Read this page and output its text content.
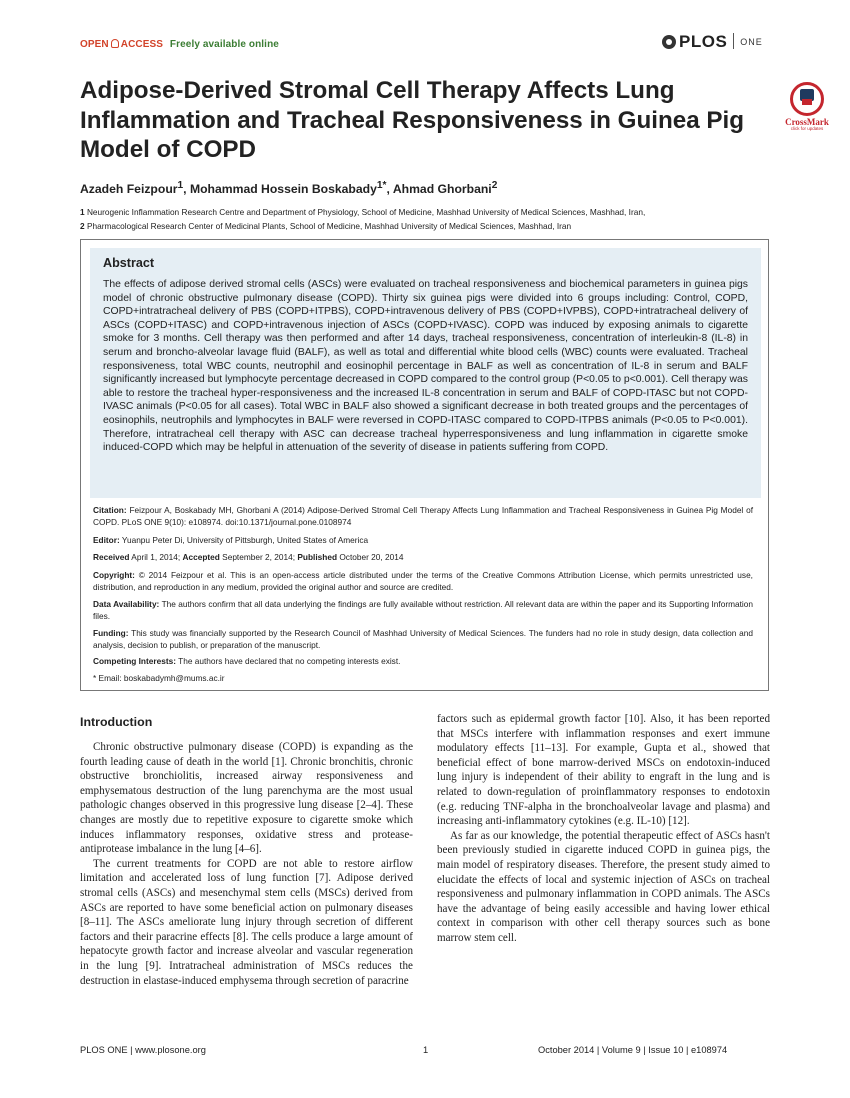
OPEN ACCESS Freely available online	PLOS ONE
CrossMark
click for updates
Adipose-Derived Stromal Cell Therapy Affects Lung Inflammation and Tracheal Responsiveness in Guinea Pig Model of COPD
Azadeh Feizpour$^1$, Mohammad Hossein Boskabady$^{1*}$, Ahmad Ghorbani$^2$
1 Neurogenic Inflammation Research Centre and Department of Physiology, School of Medicine, Mashhad University of Medical Sciences, Mashhad, Iran,
2 Pharmacological Research Center of Medicinal Plants, School of Medicine, Mashhad University of Medical Sciences, Mashhad, Iran
Abstract
The effects of adipose derived stromal cells (ASCs) were evaluated on tracheal responsiveness and biochemical parameters in guinea pigs model of chronic obstructive pulmonary disease (COPD). Thirty six guinea pigs were divided into 6 groups including: Control, COPD, COPD+intratracheal delivery of PBS (COPD+ITPBS), COPD+intravenous delivery of PBS (COPD+IVPBS), COPD+intratracheal delivery of ASCs (COPD+ITASC) and COPD+intravenous injection of ASCs (COPD+IVASC). COPD was induced by exposing animals to cigarette smoke for 3 months. Cell therapy was then performed and after 14 days, tracheal responsiveness, concentration of interleukin-8 (IL-8) in serum and broncho-alveolar lavage fluid (BALF), as well as total and differential white blood cells (WBC) counts were evaluated. Tracheal responsiveness, total WBC counts, neutrophil and eosinophil percentage in BALF as well as concentration of IL-8 in serum and BALF significantly increased but lymphocyte percentage decreased in COPD compared to the control group (P<0.05 to p<0.001). Cell therapy was able to restore the tracheal hyper-responsiveness and the increased IL-8 concentration in serum and BALF of COPD-ITASC but not COPD-IVASC animals (P<0.05 for all cases). Total WBC in BALF also showed a significant decrease in both treated groups and the percentages of eosinophils, neutrophils and lymphocytes in BALF were reversed in COPD-ITASC compared to COPD-ITPBS animals (P<0.05 to P<0.001). Therefore, intratracheal cell therapy with ASC can decrease tracheal hyperresponsiveness and lung inflammation in cigarette smoke induced-COPD which may be helpful in attenuation of the severity of disease in patients suffering from COPD.
Citation: Feizpour A, Boskabady MH, Ghorbani A (2014) Adipose-Derived Stromal Cell Therapy Affects Lung Inflammation and Tracheal Responsiveness in Guinea Pig Model of COPD. PLoS ONE 9(10): e108974. doi:10.1371/journal.pone.0108974
Editor: Yuanpu Peter Di, University of Pittsburgh, United States of America
Received April 1, 2014; Accepted September 2, 2014; Published October 20, 2014
Copyright: © 2014 Feizpour et al. This is an open-access article distributed under the terms of the Creative Commons Attribution License, which permits unrestricted use, distribution, and reproduction in any medium, provided the original author and source are credited.
Data Availability: The authors confirm that all data underlying the findings are fully available without restriction. All relevant data are within the paper and its Supporting Information files.
Funding: This study was financially supported by the Research Council of Mashhad University of Medical Sciences. The funders had no role in study design, data collection and analysis, decision to publish, or preparation of the manuscript.
Competing Interests: The authors have declared that no competing interests exist.
* Email: boskabadymh@mums.ac.ir
Introduction

Chronic obstructive pulmonary disease (COPD) is expanding as the fourth leading cause of death in the world [1]. Chronic bronchitis, chronic obstructive bronchiolitis, increased airway responsiveness and emphysematous destruction of the lung parenchyma are the most usual pathologic changes observed in this progressive lung disease [2–4]. These changes are mostly due to repetitive exposure to cigarette smoke which induces inflammatory responses, oxidative stress and protease-antiprotease imbalance in the lung [4–6].

The current treatments for COPD are not able to restore airflow limitation and accelerated loss of lung function [7]. Adipose derived stromal cells (ASCs) and mesenchymal stem cells (MSCs) derived from ASCs are reported to have some beneficial action on pulmonary diseases [8–11]. The ASCs ameliorate lung injury through secretion of different factors and their paracrine effects [8]. The cells produce a large amount of hepatocyte growth factor and increase alveolar and vascular regeneration in the lung [9]. Intratracheal administration of MSCs reduces the destruction in elastase-induced emphysema through secretion of paracrine

factors such as epidermal growth factor [10]. Also, it has been reported that MSCs interfere with inflammation responses and exert immune modulatory effects [11–13]. For example, Gupta et al., showed that beneficial effect of bone marrow-derived MSCs on endotoxin-induced lung injury is independent of their ability to engraft in the lung and is related to down-regulation of proinflammatory responses to endotoxin (e.g. reducing TNF-alpha in the bronchoalveolar lavage and plasma) and increasing anti-inflammatory cytokines (e.g. IL-10) [12].

As far as our knowledge, the potential therapeutic effect of ASCs hasn't been previously studied in cigarette induced COPD in guinea pigs, the main model of respiratory diseases. Therefore, the present study aimed to elucidate the effects of local and systemic injection of ASCs on tracheal responsiveness and pulmonary inflammation in COPD animals. The ASCs have the advantage of being easily accessible and having lower ethical context in comparison with other cell therapy sources such as bone marrow stem cell.

PLOS ONE | www.plosone.org	1	October 2014 | Volume 9 | Issue 10 | e108974
